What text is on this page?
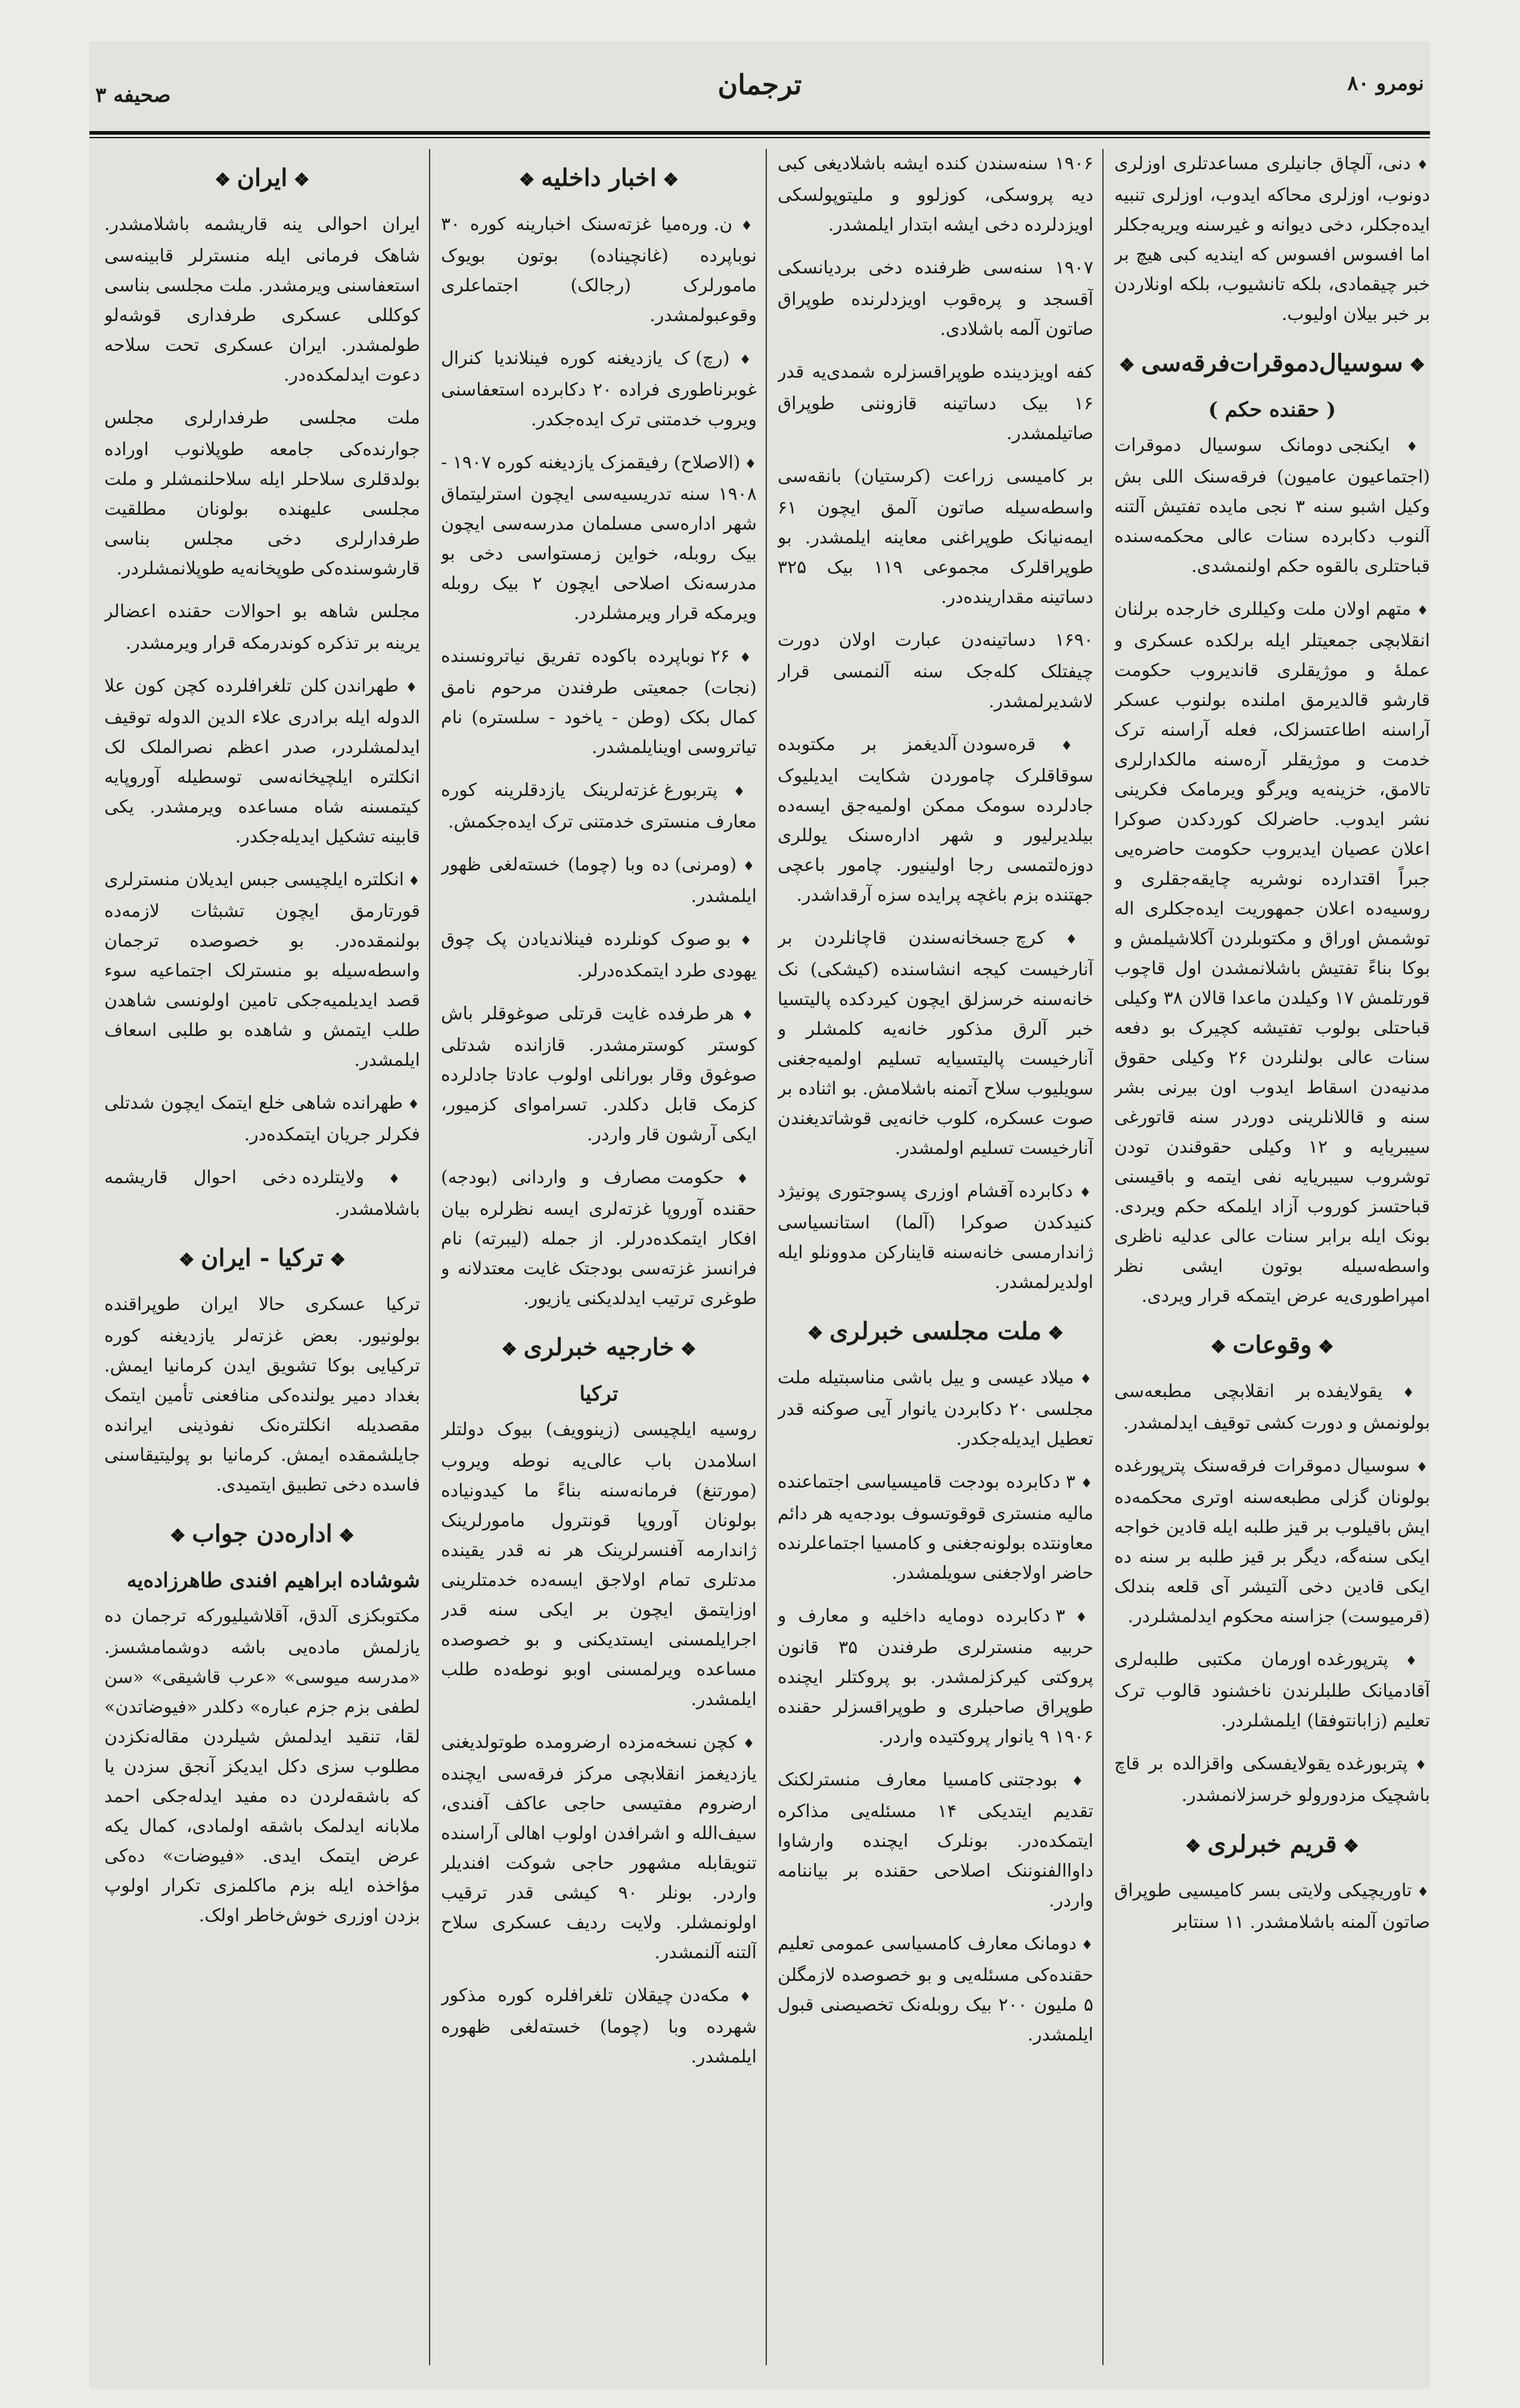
نومرو ۸۰
ترجمان
صحیفه ۳

♦ دنی، آلچاق جانیلری مساعدتلری اوزلری دونوب، اوزلری محاکه ایدوب، اوزلری تنبیه ایده‌جکلر، دخی دیوانه و غیرسنه ویریه‌جکلر اما افسوس افسوس که ایندیه کبی هیچ بر خبر چیقمادی، بلکه تانشیوب، بلکه اونلاردن بر خبر بیلان اولیوب.

❖ سوسیال‌دموقرات‌فرقه‌سی ❖
( حقنده حکم )

♦ ایکنجی دومانک سوسیال دموقرات (اجتماعیون عامیون) فرقه‌سنک اللی بش وکیل اشبو سنه ۳ نجی مایده تفتیش آلتنه آلنوب دکابرده سنات عالی محکمه‌سنده قباحتلری بالقوه حکم اولنمشدی.

♦ متهم اولان ملت وکیللری خارجده برلنان انقلابچی جمعیتلر ایله برلکده عسکری و عملهٔ و موژیقلری قاندیروب حکومت قارشو قالدیرمق املنده بولنوب عسکر آراسنه اطاعتسزلک، فعله آراسنه ترک خدمت و موژیقلر آره‌سنه مالکدارلری تالامق، خزینه‌یه ویرگو ویرمامک فکرینی نشر ایدوب. حاضرلک کوردکدن صوکرا اعلان عصیان ایدیروب حکومت حاضره‌یی جبراً اقتدارده نوشریه چایقه‌جقلری و روسیه‌ده اعلان جمهوریت ایده‌جکلری اله توشمش اوراق و مکتوبلردن آکلاشیلمش و بوکا بناءً تفتیش باشلانمشدن اول قاچوب قورتلمش ۱۷ وکیلدن ماعدا قالان ۳۸ وکیلی قباحتلی بولوب تفتیشه کچیرک بو دفعه سنات عالی بولنلردن ۲۶ وکیلی حقوق مدنیه‌دن اسقاط ایدوب اون بیرنی بشر سنه و قاللانلرینی دوردر سنه قاتورغی سیبریایه و ۱۲ وکیلی حقوقندن تودن توشروب سیبریایه نفی ایتمه و باقیسنی قباحتسز کوروب آزاد ایلمکه حکم ویردی. بونک ایله برابر سنات عالی عدلیه ناظری واسطه‌سیله بوتون ایشی نظر امپراطوری‌یه عرض ایتمکه قرار ویردی.

❖ وقوعات ❖

♦ یقولایفده بر انقلابچی مطبعه‌سی بولونمش و دورت کشی توقیف ایدلمشدر.

♦ سوسیال دموقرات فرقه‌سنک پترپورغده بولونان گزلی مطبعه‌سنه اوتری محکمه‌ده ایش باقیلوب بر قیز طلبه ایله قادین خواجه ایکی سنه‌گه، دیگر بر قیز طلبه بر سنه ده ایکی قادین دخی آلتیشر آی قلعه بندلک (قرمیوست) جزاسنه محکوم ایدلمشلردر.

♦ پترپورغده اورمان مکتبی طلبه‌لری آقادمیانک طلبلرندن ناخشنود قالوب ترک تعلیم (زابانتوفقا) ایلمشلردر.

♦ پتربورغده یقولایفسکی واقزالده بر قاچ باشچیک مزدورولو خرسزلانمشدر.

❖ قریم خبرلری ❖

♦ تاوریچیکی ولایتی بسر کامیسیی طوپراق صاتون آلمنه باشلامشدر. ۱۱ سنتابر

۱۹۰۶ سنه‌سندن کنده ایشه باشلادیغی کبی دیه پروسکی، کوزلوو و ملیتوپولسکی اویزدلرده دخی ایشه ابتدار ایلمشدر.

۱۹۰۷ سنه‌سی ظرفنده دخی بردیانسکی آقسجد و پره‌قوب اویزدلرنده طوپراق صاتون آلمه باشلادی.

کفه اویزدینده طوپراقسزلره شمدی‌یه قدر ۱۶ بیک دساتینه قازوننی طوپراق صاتیلمشدر.

بر کامیسی زراعت (کرستیان) بانقه‌سی واسطه‌سیله صاتون آلمق ایچون ۶۱ ایمه‌نیانک طوپراغنی معاینه ایلمشدر. بو طوپراقلرک مجموعی ۱۱۹ بیک ۳۲۵ دساتینه مقدارینده‌در.

۱۶۹۰ دساتینه‌دن عبارت اولان دورت چیفتلک کله‌جک سنه آلنمسی قرار لاشدیرلمشدر.

♦ قره‌سودن آلدیغمز بر مکتوبده سوقاقلرک چاموردن شکایت ایدیلیوک جادلرده سومک ممکن اولمیه‌جق ایسه‌ده بیلدیرلیور و شهر اداره‌سنک یوللری دوزه‌لتمسی رجا اولینیور. چامور باعچی جهتنده بزم باغچه پرایده سزه آرقداشدر.

♦ کرچ جسخانه‌سندن قاچانلردن بر آنارخیست کیجه انشاسنده (کیشکی) نک خانه‌سنه خرسزلق ایچون کیردکده پالیتسیا خبر آلرق مذکور خانه‌یه کلمشلر و آنارخیست پالیتسیایه تسلیم اولمیه‌جغنی سویلیوب سلاح آتمنه باشلامش. بو اثناده بر صوت عسکره، کلوب خانه‌یی قوشاتدیغندن آنارخیست تسلیم اولمشدر.

♦ دکابرده آقشام اوزری پسوجتوری پونیژد کنیدکدن صوکرا (آلما) استانسیاسی ژاندارمسی خانه‌سنه قاینارکن مدوونلو ایله اولدیرلمشدر.

❖ ملت مجلسی خبرلری ❖

♦ میلاد عیسی و ییل باشی مناسبتیله ملت مجلسی ۲۰ دکابردن یانوار آیی صوکنه قدر تعطیل ایدیله‌جکدر.

♦ ۳ دکابرده بودجت قامیسیاسی اجتماعنده مالیه منستری قوقوتسوف بودجه‌یه هر دائم معاونتده بولونه‌جغنی و کامسیا اجتماعلرنده حاضر اولاجغنی سویلمشدر.

♦ ۳ دکابرده دومایه داخلیه و معارف و حربیه منسترلری طرفندن ۳۵ قانون پروکتی کیرکزلمشدر. بو پروکتلر ایچنده طوپراق صاحبلری و طوپراقسزلر حقنده ۱۹۰۶ ۹ یانوار پروکتیده واردر.

♦ بودجتنی کامسیا معارف منسترلکنک تقدیم ایتدیکی ۱۴ مسئله‌یی مذاکره ایتمکده‌در. بونلرک ایچنده وارشاوا داواالفنوننک اصلاحی حقنده بر بیاننامه واردر.

♦ دومانک معارف کامسیاسی عمومی تعلیم حقنده‌کی مسئله‌یی و بو خصوصده لازمگلن ۵ ملیون ۲۰۰ بیک روبله‌نک تخصیصنی قبول ایلمشدر.

❖ اخبار داخلیه ❖

♦ ن. وره‌میا غزته‌سنک اخبارینه کوره ۳۰ نوباپرده (غانچیناده) بوتون بویوک مامورلرک (رجالک) اجتماعلری وقوعبولمشدر.

♦ (رچ) ک یازدیغنه کوره فینلاندیا کنرال غوبرناطوری فراده ۲۰ دکابرده استعفاسنی ویروب خدمتنی ترک ایده‌جکدر.

♦ (الاصلاح) رفیقمزک یازدیغنه کوره ۱۹۰۷ - ۱۹۰۸ سنه تدریسیه‌سی ایچون استرلیتماق شهر اداره‌سی مسلمان مدرسه‌سی ایچون بیک روبله، خواین زمستواسی دخی بو مدرسه‌نک اصلاحی ایچون ۲ بیک روبله ویرمکه قرار ویرمشلردر.

♦ ۲۶ نوباپرده باکوده تفریق نیاترونسنده (نجات) جمعیتی طرفندن مرحوم نامق کمال بکک (وطن - یاخود - سلستره) نام تیاتروسی اوینایلمشدر.

♦ پتربورغ غزته‌لرینک یازدقلرینه کوره معارف منستری خدمتنی ترک ایده‌جکمش.

♦ (ومرنی) ده وبا (چوما) خسته‌لغی ظهور ایلمشدر.

♦ بو صوک کونلرده فینلاندیادن پک چوق یهودی طرد ایتمکده‌درلر.

♦ هر طرفده غایت قرتلی صوغوقلر باش کوستر کوسترمشدر. قازانده شدتلی صوغوق وقار بورانلی اولوب عادتا جادلرده کزمک قابل دکلدر. تسراموای کزمیور، ایکی آرشون قار واردر.

♦ حکومت مصارف و واردانی (بودجه) حقنده آوروپا غزته‌لری ایسه نظرلره بیان افکار ایتمکده‌درلر. از جمله (لیبرته) نام فرانسز غزته‌سی بودجتک غایت معتدلانه و طوغری ترتیب ایدلدیکنی یازیور.

❖ خارجیه خبرلری ❖
ترکیا

روسیه ایلچیسی (زینوویف) بیوک دولتلر اسلامدن باب عالی‌یه نوطه ویروب (مورتنغ) فرمانه‌سنه بناءً ما کیدونیاده بولونان آوروپا قونترول مامورلرینک ژاندارمه آفنسرلرینک هر نه قدر یقینده مدتلری تمام اولاجق ایسه‌ده خدمتلرینی اوزایتمق ایچون بر ایکی سنه قدر اجرایلمسنی ایستدیکنی و بو خصوصده مساعده ویرلمسنی اوبو نوطه‌ده طلب ایلمشدر.

♦ کچن نسخه‌مزده ارضرومده طوتولدیغنی یازدیغمز انقلابچی مرکز فرقه‌سی ایچنده ارضروم مفتیسی حاجی عاکف آفندی، سیف‌الله و اشرافدن اولوب اهالی آراسنده تنویقابله مشهور حاجی شوکت افندیلر واردر. بونلر ۹۰ کیشی قدر ترقیب اولونمشلر. ولایت ردیف عسکری سلاح آلتنه آلنمشدر.

♦ مکه‌دن چیقلان تلغرافلره کوره مذکور شهرده وبا (چوما) خسته‌لغی ظهوره ایلمشدر.

❖ ایران ❖

ایران احوالی ینه قاریشمه باشلامشدر. شاهک فرمانی ایله منسترلر قابینه‌سی استعفاسنی ویرمشدر. ملت مجلسی بناسی کوکللی عسکری طرفداری قوشه‌لو طولمشدر. ایران عسکری تحت سلاحه دعوت ایدلمکده‌در.

ملت مجلسی طرفدارلری مجلس جوارنده‌کی جامعه طوپلانوب اوراده بولدقلری سلاحلر ایله سلاحلنمشلر و ملت مجلسی علیهنده بولونان مطلقیت طرفدارلری دخی مجلس بناسی قارشوسنده‌کی طوپخانه‌یه طوپلانمشلردر.

مجلس شاهه بو احوالات حقنده اعضالر یرینه بر تذکره کوندرمکه قرار ویرمشدر.

♦ طهراندن کلن تلغرافلرده کچن کون علا الدوله ایله برادری علاء الدین الدوله توقیف ایدلمشلردر، صدر اعظم نصرالملک لک انکلتره ایلچیخانه‌سی توسطیله آوروپایه کیتمسنه شاه مساعده ویرمشدر. یکی قابینه تشکیل ایدیله‌جکدر.

♦ انکلتره ایلچیسی جبس ایدیلان منسترلری قورتارمق ایچون تشبثات لازمه‌ده بولنمقده‌در. بو خصوصده ترجمان واسطه‌سیله بو منسترلک اجتماعیه سوء قصد ایدیلمیه‌جکی تامین اولونسی شاهدن طلب ایتمش و شاهده بو طلبی اسعاف ایلمشدر.

♦ طهرانده شاهی خلع ایتمک ایچون شدتلی فکرلر جریان ایتمکده‌در.

♦ ولایتلرده دخی احوال قاریشمه باشلامشدر.

❖ ترکیا - ایران ❖

ترکیا عسکری حالا ایران طوپراقنده بولونیور. بعض غزته‌لر یازدیغنه کوره ترکیایی بوکا تشویق ایدن کرمانیا ایمش. بغداد دمیر یولنده‌کی منافعنی تأمین ایتمک مقصدیله انکلتره‌نک نفوذینی ایرانده جایلشمقده ایمش. کرمانیا بو پولیتیقاسنی فاسده دخی تطبیق ایتمیدی.

❖ اداره‌دن جواب ❖
شوشاده ابراهیم افندی طاهرزاده‌یه

مکتوبکزی آلدق، آقلاشیلیورکه ترجمان ده یازلمش ماده‌یی باشه دوشمامشسز. «مدرسه میوسی» «عرب قاشیقی» «سن لطفی بزم جزم عباره‌» دکلدر «فیوضاتدن» لقا، تنقید ایدلمش شیلردن مقاله‌نکزدن مطلوب سزی دکل ایدیکز آنجق سزدن یا که باشقه‌لردن ده مفید ایدله‌جکی احمد ملابانه ایدلمک باشقه اولمادی، کمال یکه عرض ایتمک ایدی. «فیوضات» ده‌کی مؤاخذه ایله بزم ماکلمزی تکرار اولوپ بزدن اوزری خوش‌خاطر اولک.
